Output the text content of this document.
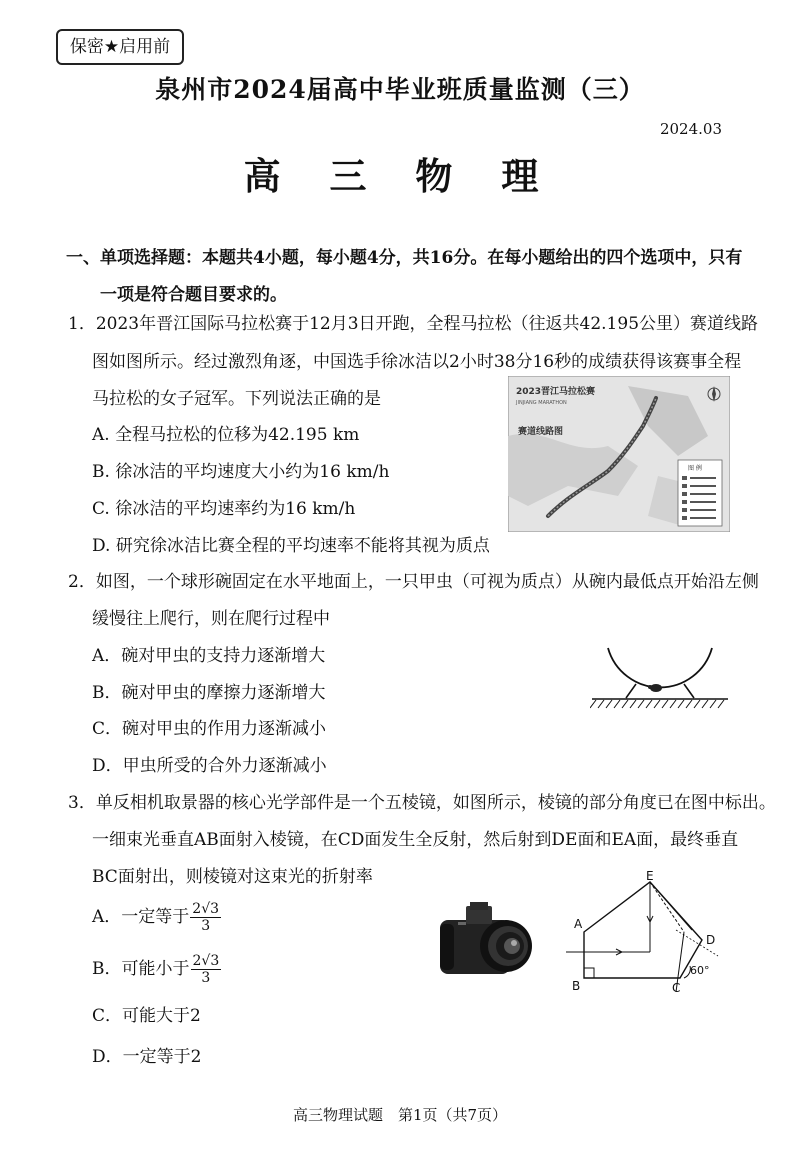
保密★启用前
泉州市2024届高中毕业班质量监测（三）
2024.03
高 三 物 理
一、单项选择题：本题共4小题，每小题4分，共16分。在每小题给出的四个选项中，只有
一项是符合题目要求的。
1．2023年晋江国际马拉松赛于12月3日开跑，全程马拉松（往返共42.195公里）赛道线路
图如图所示。经过激烈角逐，中国选手徐冰洁以2小时38分16秒的成绩获得该赛事全程
马拉松的女子冠军。下列说法正确的是
A. 全程马拉松的位移为42.195 km
B. 徐冰洁的平均速度大小约为16 km/h
C. 徐冰洁的平均速率约为16 km/h
D. 研究徐冰洁比赛全程的平均速率不能将其视为质点
2023晋江马拉松赛
JINJIANG MARATHON
赛道线路图
图 例
2．如图，一个球形碗固定在水平地面上，一只甲虫（可视为质点）从碗内最低点开始沿左侧
缓慢往上爬行，则在爬行过程中
A．碗对甲虫的支持力逐渐增大
B．碗对甲虫的摩擦力逐渐增大
C．碗对甲虫的作用力逐渐减小
D．甲虫所受的合外力逐渐减小
3．单反相机取景器的核心光学部件是一个五棱镜，如图所示，棱镜的部分角度已在图中标出。
一细束光垂直AB面射入棱镜，在CD面发生全反射，然后射到DE面和EA面，最终垂直
BC面射出，则棱镜对这束光的折射率
A．一定等于 $\frac{2√3}{3}$
B．可能小于 $\frac{2√3}{3}$
C．可能大于2
D．一定等于2
A
B	C
D
E
60°
高三物理试题　第1页（共7页）
